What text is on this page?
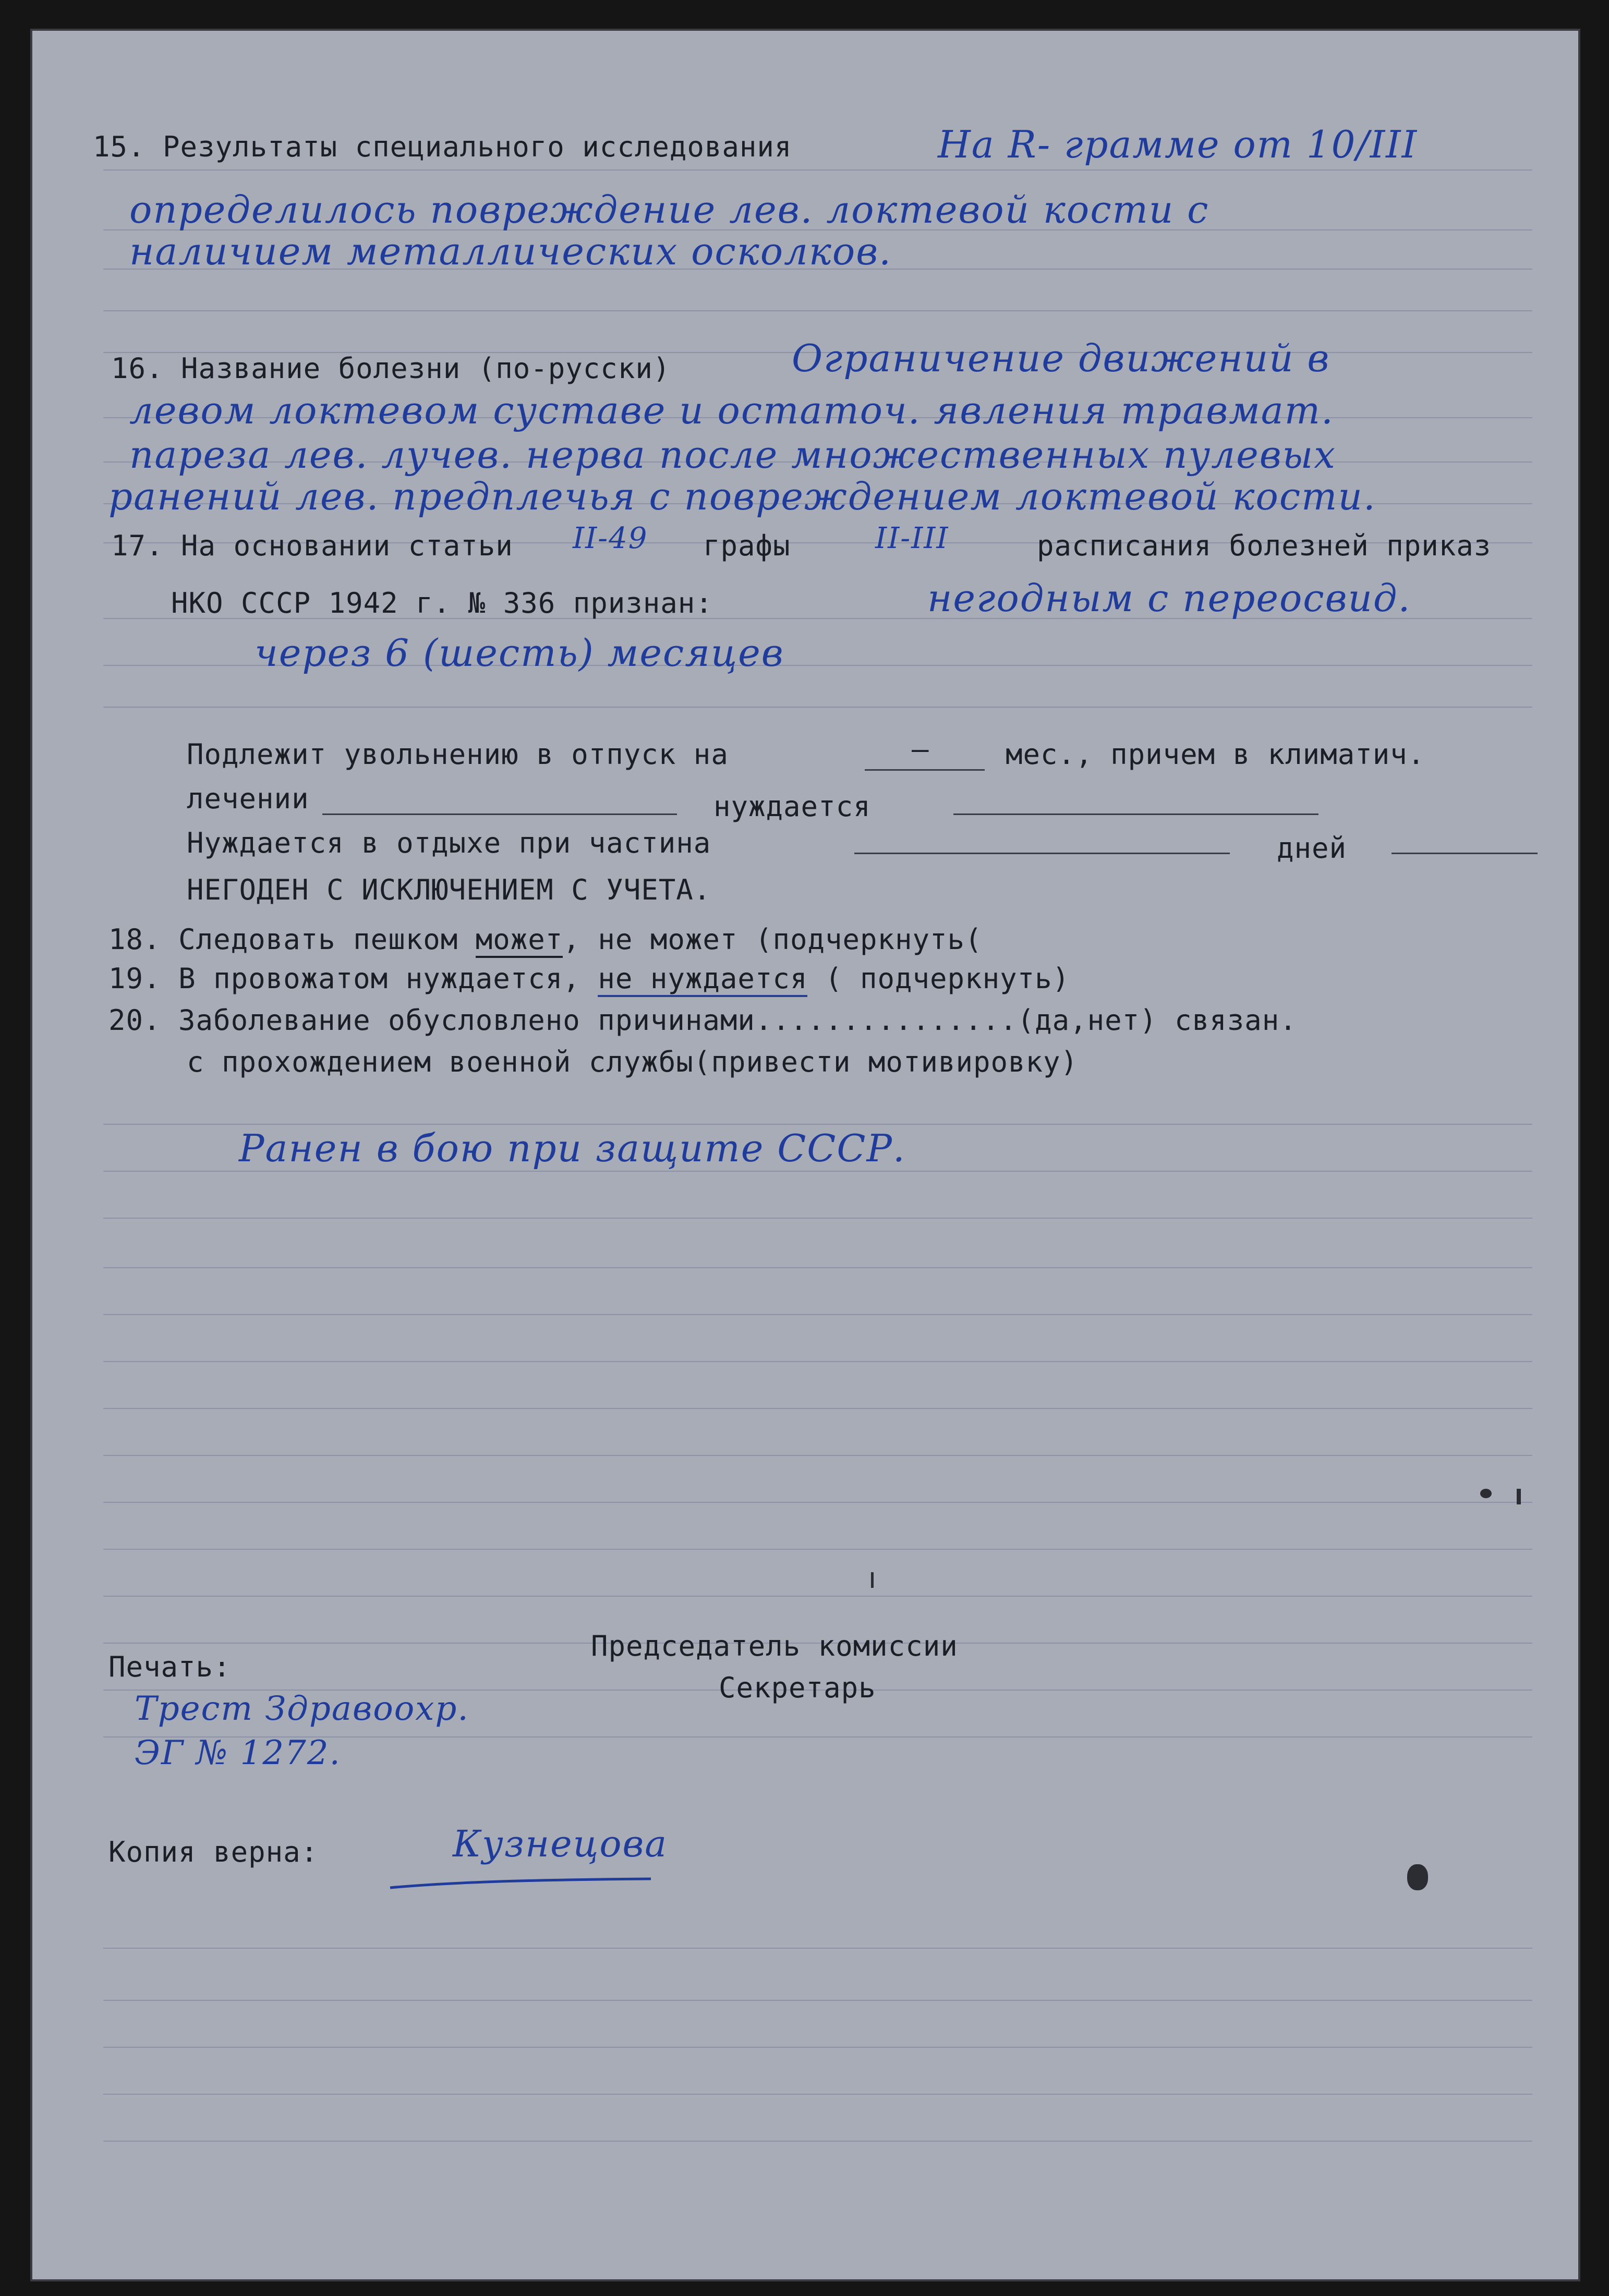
15. Результаты специального исследования	На R- грамме от 10/III
определилось повреждение лев. локтевой кости с
наличием металлических осколков.
16. Название болезни (по-русски)	Ограничение движений в
левом локтевом суставе и остаточ. явления травмат.
пареза лев. лучев. нерва после множественных пулевых
ранений лев. предплечья с повреждением локтевой кости.
17. На основании статьи II-49 графы	II-III	расписания болезней приказ
НКО СССР 1942 г. № 336 признан:	негодным с переосвид.
через 6 (шесть) месяцев
Подлежит увольнению в отпуск на	—	мес., причем в климатич.
лечении	нуждается
Нуждается в отдыхе при частина	дней
НЕГОДЕН С ИСКЛЮЧЕНИЕМ С УЧЕТА.
18. Следовать пешком может, не может (подчеркнуть(
19. В провожатом нуждается, не нуждается ( подчеркнуть)
20. Заболевание обусловлено причинами...............(да,нет) связан.
с прохождением военной службы(привести мотивировку)
Ранен в бою при защите СССР.
Председатель комиссии
Секретарь
Печать:
Трест Здравоохр.
ЭГ № 1272.
Копия верна:	Кузнецова
